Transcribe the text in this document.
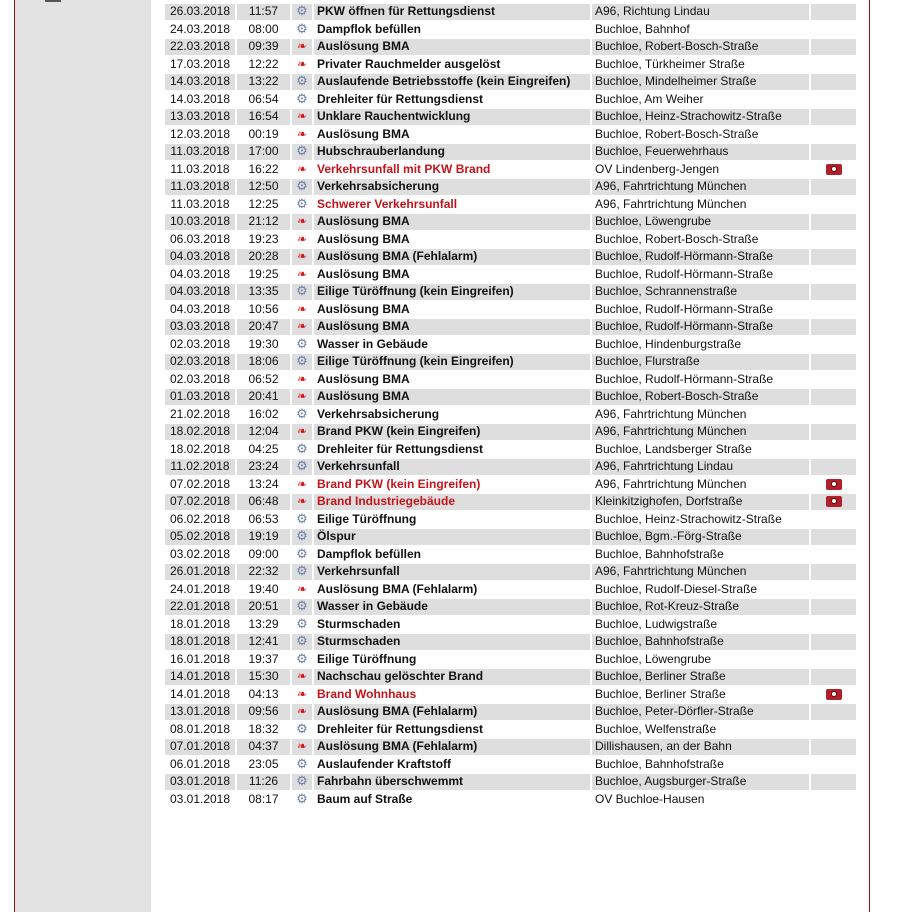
26.03.2018	11:57	⚙	PKW öffnen für Rettungsdienst	A96, Richtung Lindau	
24.03.2018	08:00	⚙	Dampflok befüllen	Buchloe, Bahnhof	
22.03.2018	09:39	❧	Auslösung BMA	Buchloe, Robert-Bosch-Straße	
17.03.2018	12:22	❧	Privater Rauchmelder ausgelöst	Buchloe, Türkheimer Straße	
14.03.2018	13:22	⚙	Auslaufende Betriebsstoffe (kein Eingreifen)	Buchloe, Mindelheimer Straße	
14.03.2018	06:54	⚙	Drehleiter für Rettungsdienst	Buchloe, Am Weiher	
13.03.2018	16:54	❧	Unklare Rauchentwicklung	Buchloe, Heinz-Strachowitz-Straße	
12.03.2018	00:19	❧	Auslösung BMA	Buchloe, Robert-Bosch-Straße	
11.03.2018	17:00	⚙	Hubschrauberlandung	Buchloe, Feuerwehrhaus	
11.03.2018	16:22	❧	Verkehrsunfall mit PKW Brand	OV Lindenberg-Jengen	
11.03.2018	12:50	⚙	Verkehrsabsicherung	A96, Fahrtrichtung München	
11.03.2018	12:25	⚙	Schwerer Verkehrsunfall	A96, Fahrtrichtung München	
10.03.2018	21:12	❧	Auslösung BMA	Buchloe, Löwengrube	
06.03.2018	19:23	❧	Auslösung BMA	Buchloe, Robert-Bosch-Straße	
04.03.2018	20:28	❧	Auslösung BMA (Fehlalarm)	Buchloe, Rudolf-Hörmann-Straße	
04.03.2018	19:25	❧	Auslösung BMA	Buchloe, Rudolf-Hörmann-Straße	
04.03.2018	13:35	⚙	Eilige Türöffnung (kein Eingreifen)	Buchloe, Schrannenstraße	
04.03.2018	10:56	❧	Auslösung BMA	Buchloe, Rudolf-Hörmann-Straße	
03.03.2018	20:47	❧	Auslösung BMA	Buchloe, Rudolf-Hörmann-Straße	
02.03.2018	19:30	⚙	Wasser in Gebäude	Buchloe, Hindenburgstraße	
02.03.2018	18:06	⚙	Eilige Türöffnung (kein Eingreifen)	Buchloe, Flurstraße	
02.03.2018	06:52	❧	Auslösung BMA	Buchloe, Rudolf-Hörmann-Straße	
01.03.2018	20:41	❧	Auslösung BMA	Buchloe, Robert-Bosch-Straße	
21.02.2018	16:02	⚙	Verkehrsabsicherung	A96, Fahrtrichtung München	
18.02.2018	12:04	❧	Brand PKW (kein Eingreifen)	A96, Fahrtrichtung München	
18.02.2018	04:25	⚙	Drehleiter für Rettungsdienst	Buchloe, Landsberger Straße	
11.02.2018	23:24	⚙	Verkehrsunfall	A96, Fahrtrichtung Lindau	
07.02.2018	13:24	❧	Brand PKW (kein Eingreifen)	A96, Fahrtrichtung München	
07.02.2018	06:48	❧	Brand Industriegebäude	Kleinkitzighofen, Dorfstraße	
06.02.2018	06:53	⚙	Eilige Türöffnung	Buchloe, Heinz-Strachowitz-Straße	
05.02.2018	19:19	⚙	Ölspur	Buchloe, Bgm.-Förg-Straße	
03.02.2018	09:00	⚙	Dampflok befüllen	Buchloe, Bahnhofstraße	
26.01.2018	22:32	⚙	Verkehrsunfall	A96, Fahrtrichtung München	
24.01.2018	19:40	❧	Auslösung BMA (Fehlalarm)	Buchloe, Rudolf-Diesel-Straße	
22.01.2018	20:51	⚙	Wasser in Gebäude	Buchloe, Rot-Kreuz-Straße	
18.01.2018	13:29	⚙	Sturmschaden	Buchloe, Ludwigstraße	
18.01.2018	12:41	⚙	Sturmschaden	Buchloe, Bahnhofstraße	
16.01.2018	19:37	⚙	Eilige Türöffnung	Buchloe, Löwengrube	
14.01.2018	15:30	❧	Nachschau gelöschter Brand	Buchloe, Berliner Straße	
14.01.2018	04:13	❧	Brand Wohnhaus	Buchloe, Berliner Straße	
13.01.2018	09:56	❧	Auslösung BMA (Fehlalarm)	Buchloe, Peter-Dörfler-Straße	
08.01.2018	18:32	⚙	Drehleiter für Rettungsdienst	Buchloe, Welfenstraße	
07.01.2018	04:37	❧	Auslösung BMA (Fehlalarm)	Dillishausen, an der Bahn	
06.01.2018	23:05	⚙	Auslaufender Kraftstoff	Buchloe, Bahnhofstraße	
03.01.2018	11:26	⚙	Fahrbahn überschwemmt	Buchloe, Augsburger-Straße	
03.01.2018	08:17	⚙	Baum auf Straße	OV Buchloe-Hausen	
